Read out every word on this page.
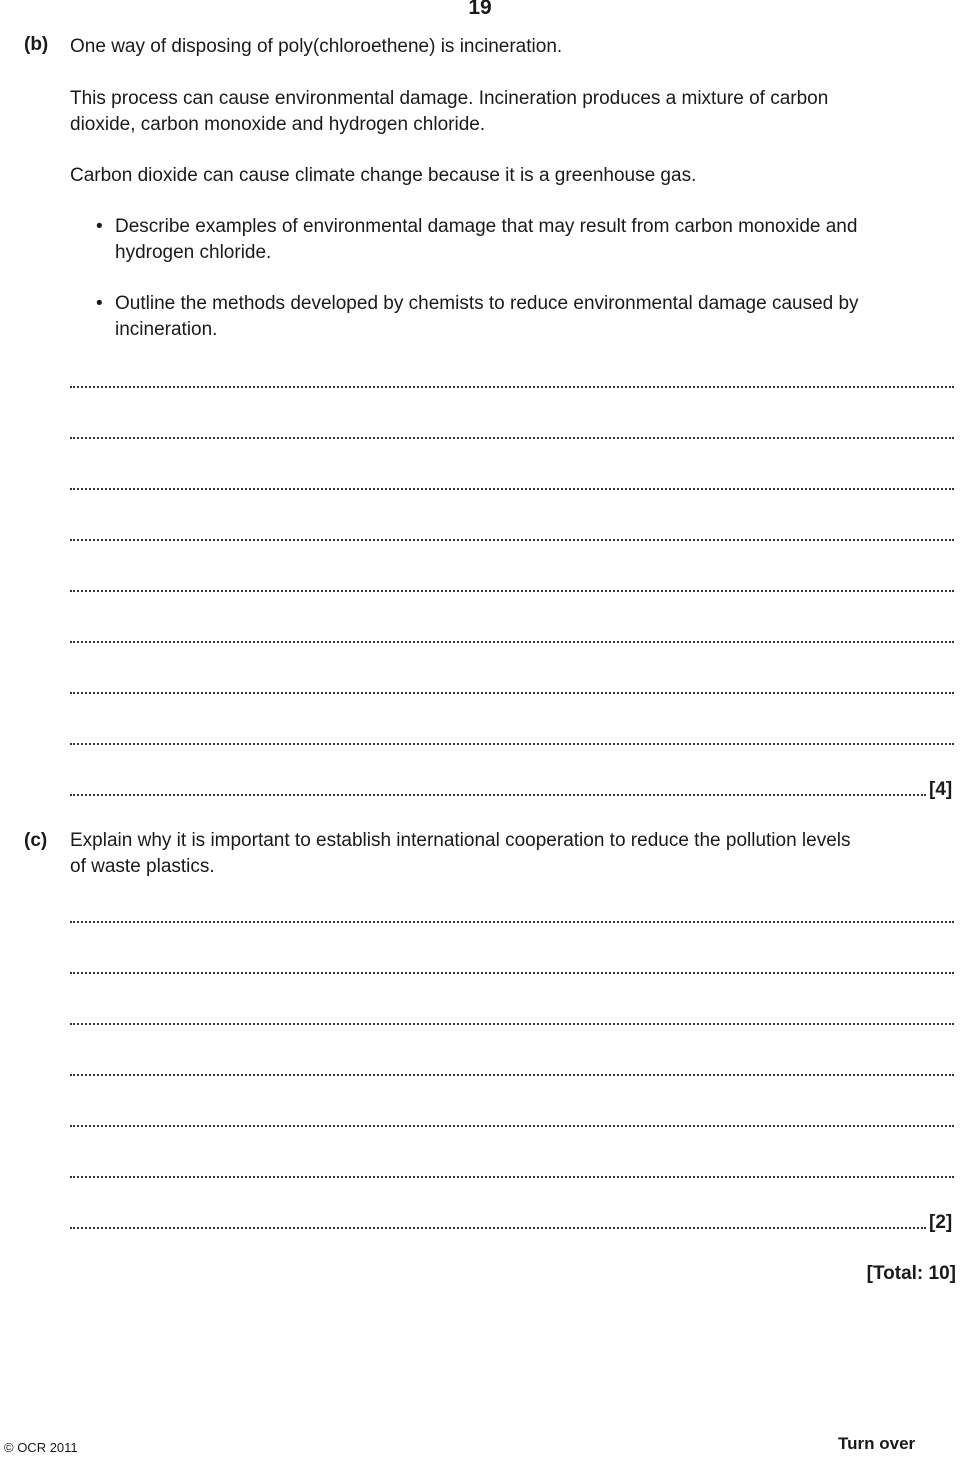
19
(b) One way of disposing of poly(chloroethene) is incineration.
This process can cause environmental damage. Incineration produces a mixture of carbon
dioxide, carbon monoxide and hydrogen chloride.
Carbon dioxide can cause climate change because it is a greenhouse gas.
• Describe examples of environmental damage that may result from carbon monoxide and
hydrogen chloride.
• Outline the methods developed by chemists to reduce environmental damage caused by
incineration.
[4]
(c) Explain why it is important to establish international cooperation to reduce the pollution levels
of waste plastics.
[2]
[Total: 10]
© OCR 2011	Turn over
